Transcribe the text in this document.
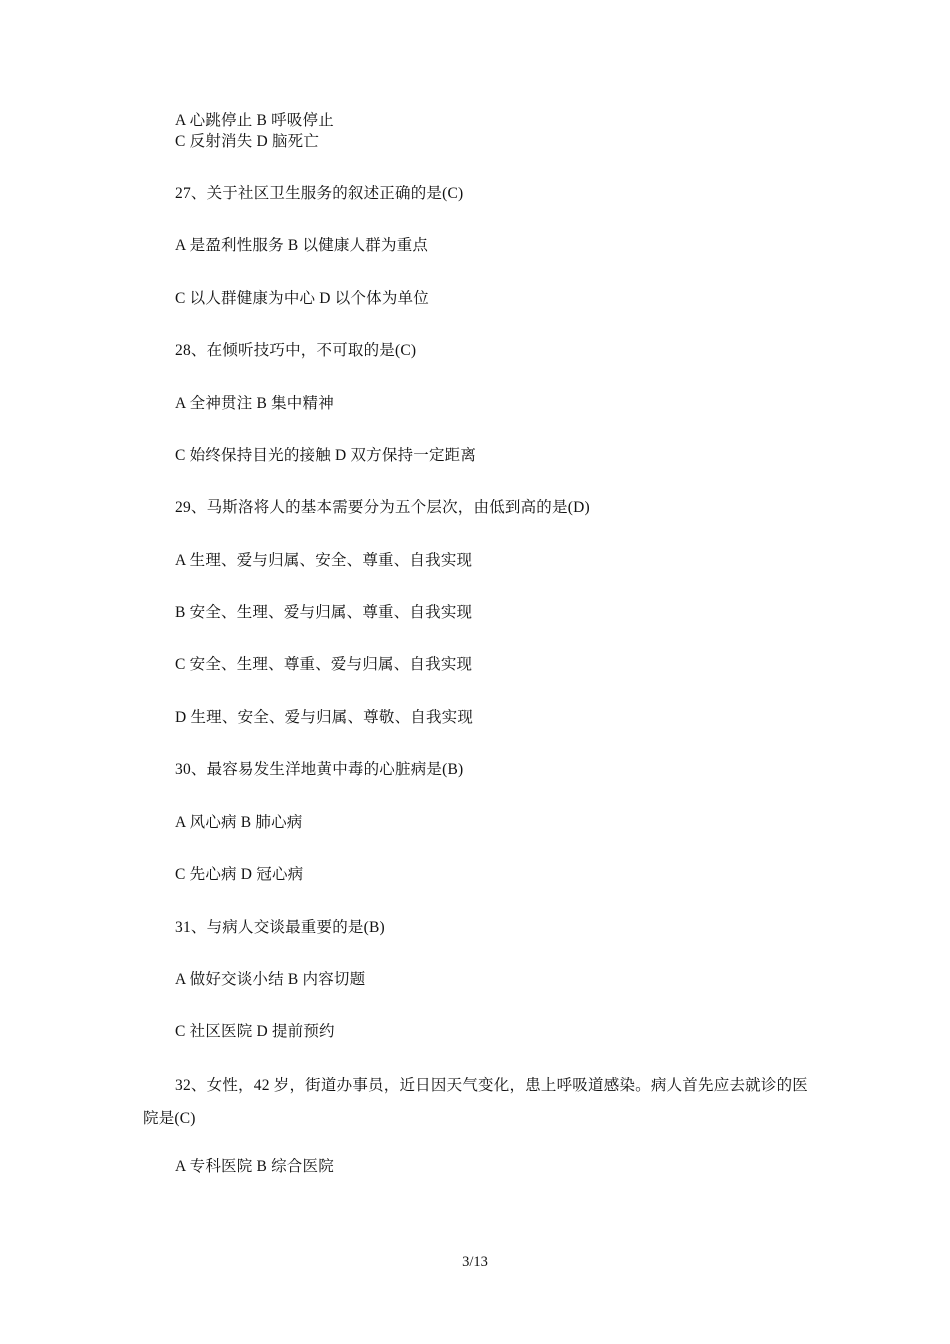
A 心跳停止 B 呼吸停止
C 反射消失 D 脑死亡
27、关于社区卫生服务的叙述正确的是(C)
A 是盈利性服务 B 以健康人群为重点
C 以人群健康为中心 D 以个体为单位
28、在倾听技巧中，不可取的是(C)
A 全神贯注 B 集中精神
C 始终保持目光的接触 D 双方保持一定距离
29、马斯洛将人的基本需要分为五个层次，由低到高的是(D)
A 生理、爱与归属、安全、尊重、自我实现
B 安全、生理、爱与归属、尊重、自我实现
C 安全、生理、尊重、爱与归属、自我实现
D 生理、安全、爱与归属、尊敬、自我实现
30、最容易发生洋地黄中毒的心脏病是(B)
A 风心病 B 肺心病
C 先心病 D 冠心病
31、与病人交谈最重要的是(B)
A 做好交谈小结 B 内容切题
C 社区医院 D 提前预约
32、女性，42 岁，街道办事员，近日因天气变化，患上呼吸道感染。病人首先应去就诊的医院是(C)
A 专科医院 B 综合医院
3/13
